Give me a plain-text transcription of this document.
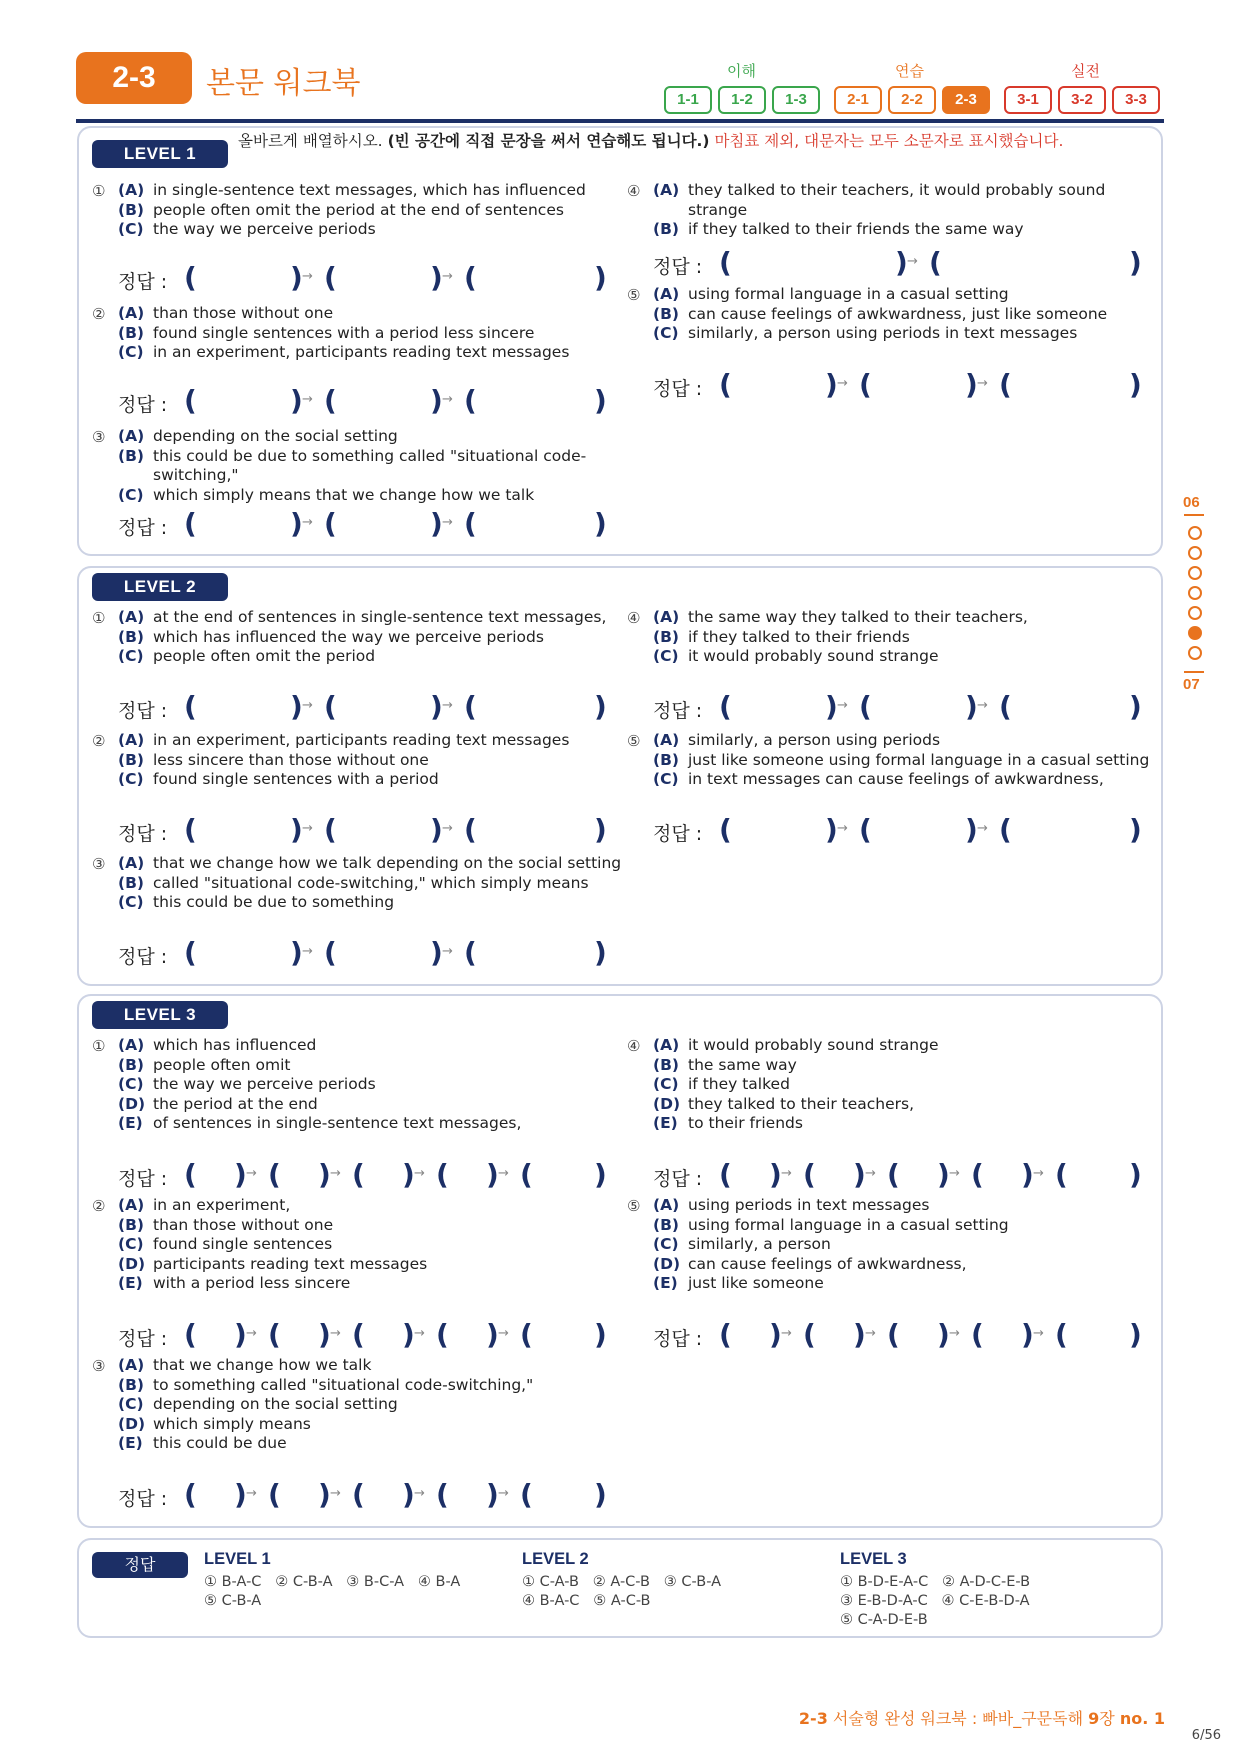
2-3	본문 워크북	이해	연습	실전
1-1	1-2	1-3	2-1	2-2	2-3	3-1	3-2	3-3
LEVEL 1
올바르게 배열하시오. (빈 공간에 직접 문장을 써서 연습해도 됩니다.) 마침표 제외, 대문자는 모두 소문자로 표시했습니다.
LEVEL 2
LEVEL 3
① (A) in single-sentence text messages, which has influenced
(B) people often omit the period at the end of sentences
(C) the way we perceive periods
정답 : (	) → (	) → (	)
② (A) than those without one
(B) found single sentences with a period less sincere
(C) in an experiment, participants reading text messages
정답 : (	) → (	) → (	)
③ (A) depending on the social setting
(B) this could be due to something called "situational code-switching,"
(C) which simply means that we change how we talk
정답 : (	) → (	) → (	)
④ (A) they talked to their teachers, it would probably sound strange
(B) if they talked to their friends the same way
정답 : (	) → (	)
⑤ (A) using formal language in a casual setting
(B) can cause feelings of awkwardness, just like someone
(C) similarly, a person using periods in text messages
정답 : (	) → (	) → (	)
① (A) at the end of sentences in single-sentence text messages,
(B) which has influenced the way we perceive periods
(C) people often omit the period
정답 : (	) → (	) → (	)
② (A) in an experiment, participants reading text messages
(B) less sincere than those without one
(C) found single sentences with a period
정답 : (	) → (	) → (	)
③ (A) that we change how we talk depending on the social setting
(B) called "situational code-switching," which simply means
(C) this could be due to something
정답 : (	) → (	) → (	)
④ (A) the same way they talked to their teachers,
(B) if they talked to their friends
(C) it would probably sound strange
정답 : (	) → (	) → (	)
⑤ (A) similarly, a person using periods
(B) just like someone using formal language in a casual setting
(C) in text messages can cause feelings of awkwardness,
정답 : (	) → (	) → (	)
① (A) which has influenced
(B) people often omit
(C) the way we perceive periods
(D) the period at the end
(E) of sentences in single-sentence text messages,
정답 : ( ) → ( ) → ( ) → ( ) → ( )
② (A) in an experiment,
(B) than those without one
(C) found single sentences
(D) participants reading text messages
(E) with a period less sincere
정답 : ( ) → ( ) → ( ) → ( ) → ( )
③ (A) that we change how we talk
(B) to something called "situational code-switching,"
(C) depending on the social setting
(D) which simply means
(E) this could be due
정답 : ( ) → ( ) → ( ) → ( ) → ( )
④ (A) it would probably sound strange
(B) the same way
(C) if they talked
(D) they talked to their teachers,
(E) to their friends
정답 : ( ) → ( ) → ( ) → ( ) → ( )
⑤ (A) using periods in text messages
(B) using formal language in a casual setting
(C) similarly, a person
(D) can cause feelings of awkwardness,
(E) just like someone
정답 : ( ) → ( ) → ( ) → ( ) → ( )
06
07
정답	LEVEL 1
① B-A-C   ② C-B-A   ③ B-C-A   ④ B-A
⑤ C-B-A
LEVEL 2
① C-A-B   ② A-C-B   ③ C-B-A
④ B-A-C   ⑤ A-C-B
LEVEL 3
① B-D-E-A-C   ② A-D-C-E-B
③ E-B-D-A-C   ④ C-E-B-D-A
⑤ C-A-D-E-B
2-3 서술형 완성 워크북 : 빠바_구문독해 9장 no. 1
6/56
